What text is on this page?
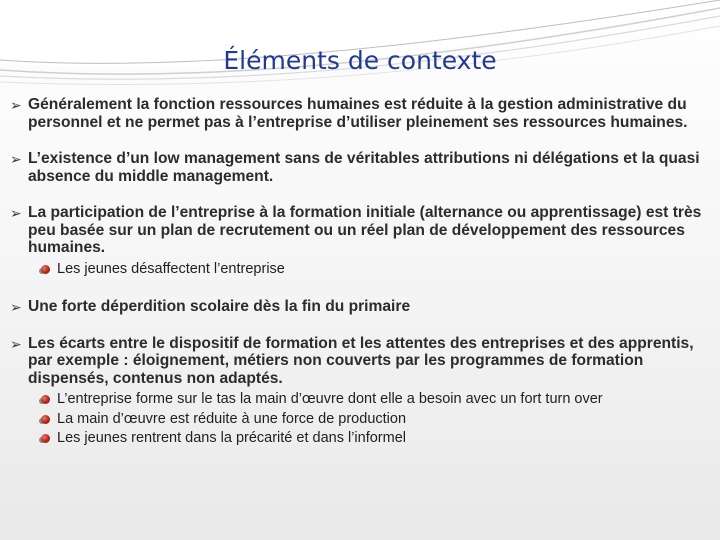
Éléments de contexte
➢ Généralement la fonction ressources humaines est réduite à la gestion administrative du personnel et ne permet pas à l’entreprise d’utiliser pleinement ses ressources humaines.
➢ L’existence d’un low management sans de véritables attributions ni délégations et la quasi absence du middle management.
➢ La participation de l’entreprise à la formation initiale (alternance ou apprentissage) est très peu basée sur un plan de recrutement ou un réel plan de développement des ressources humaines.
Les jeunes désaffectent l’entreprise
➢ Une forte déperdition scolaire dès la fin du primaire
➢ Les écarts entre le dispositif de formation et les attentes des entreprises et des apprentis, par exemple : éloignement, métiers non couverts par les programmes de formation dispensés, contenus non adaptés.
L’entreprise forme sur le tas la main d’œuvre dont elle a besoin avec un fort turn over
La main d’œuvre est réduite à une force de production
Les jeunes rentrent dans la précarité et dans l’informel
